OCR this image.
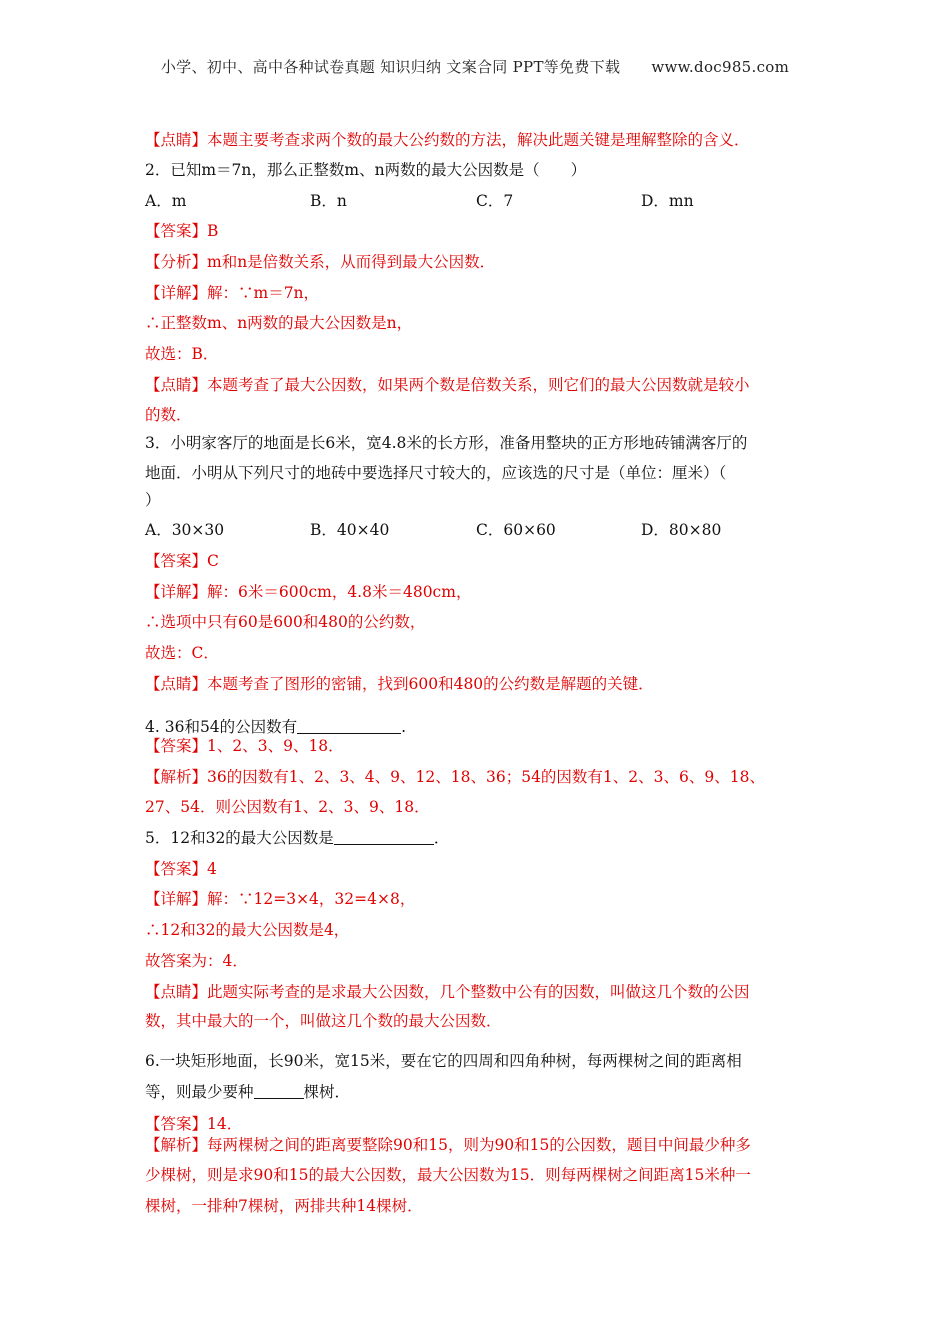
小学、初中、高中各种试卷真题 知识归纳 文案合同 PPT等免费下载 www.doc985.com
【点睛】本题主要考查求两个数的最大公约数的方法，解决此题关键是理解整除的含义．
2．已知m＝7n，那么正整数m、n两数的最大公因数是（　　）
A．m	B．n	C．7	D．mn
【答案】B
【分析】m和n是倍数关系，从而得到最大公因数．
【详解】解：∵m＝7n，
∴正整数m、n两数的最大公因数是n，
故选：B．
【点睛】本题考查了最大公因数，如果两个数是倍数关系，则它们的最大公因数就是较小
的数．
3．小明家客厅的地面是长6米，宽4.8米的长方形，准备用整块的正方形地砖铺满客厅的
地面．小明从下列尺寸的地砖中要选择尺寸较大的，应该选的尺寸是（单位：厘米）（
）
A．30×30	B．40×40	C．60×60	D．80×80
【答案】C
【详解】解：6米＝600cm，4.8米＝480cm，
∴选项中只有60是600和480的公约数，
故选：C．
【点睛】本题考查了图形的密铺，找到600和480的公约数是解题的关键．
4. 36和54的公因数有	.
【答案】1、2、3、9、18．
【解析】36的因数有1、2、3、4、9、12、18、36；54的因数有1、2、3、6、9、18、
27、54．则公因数有1、2、3、9、18．
5．12和32的最大公因数是	．
【答案】4
【详解】解：∵12=3×4，32=4×8，
∴12和32的最大公因数是4，
故答案为：4．
【点睛】此题实际考查的是求最大公因数，几个整数中公有的因数，叫做这几个数的公因
数，其中最大的一个，叫做这几个数的最大公因数．
6.一块矩形地面，长90米，宽15米，要在它的四周和四角种树，每两棵树之间的距离相
等，则最少要种	棵树．
【答案】14．
【解析】每两棵树之间的距离要整除90和15，则为90和15的公因数，题目中间最少种多
少棵树，则是求90和15的最大公因数，最大公因数为15．则每两棵树之间距离15米种一
棵树，一排种7棵树，两排共种14棵树．
